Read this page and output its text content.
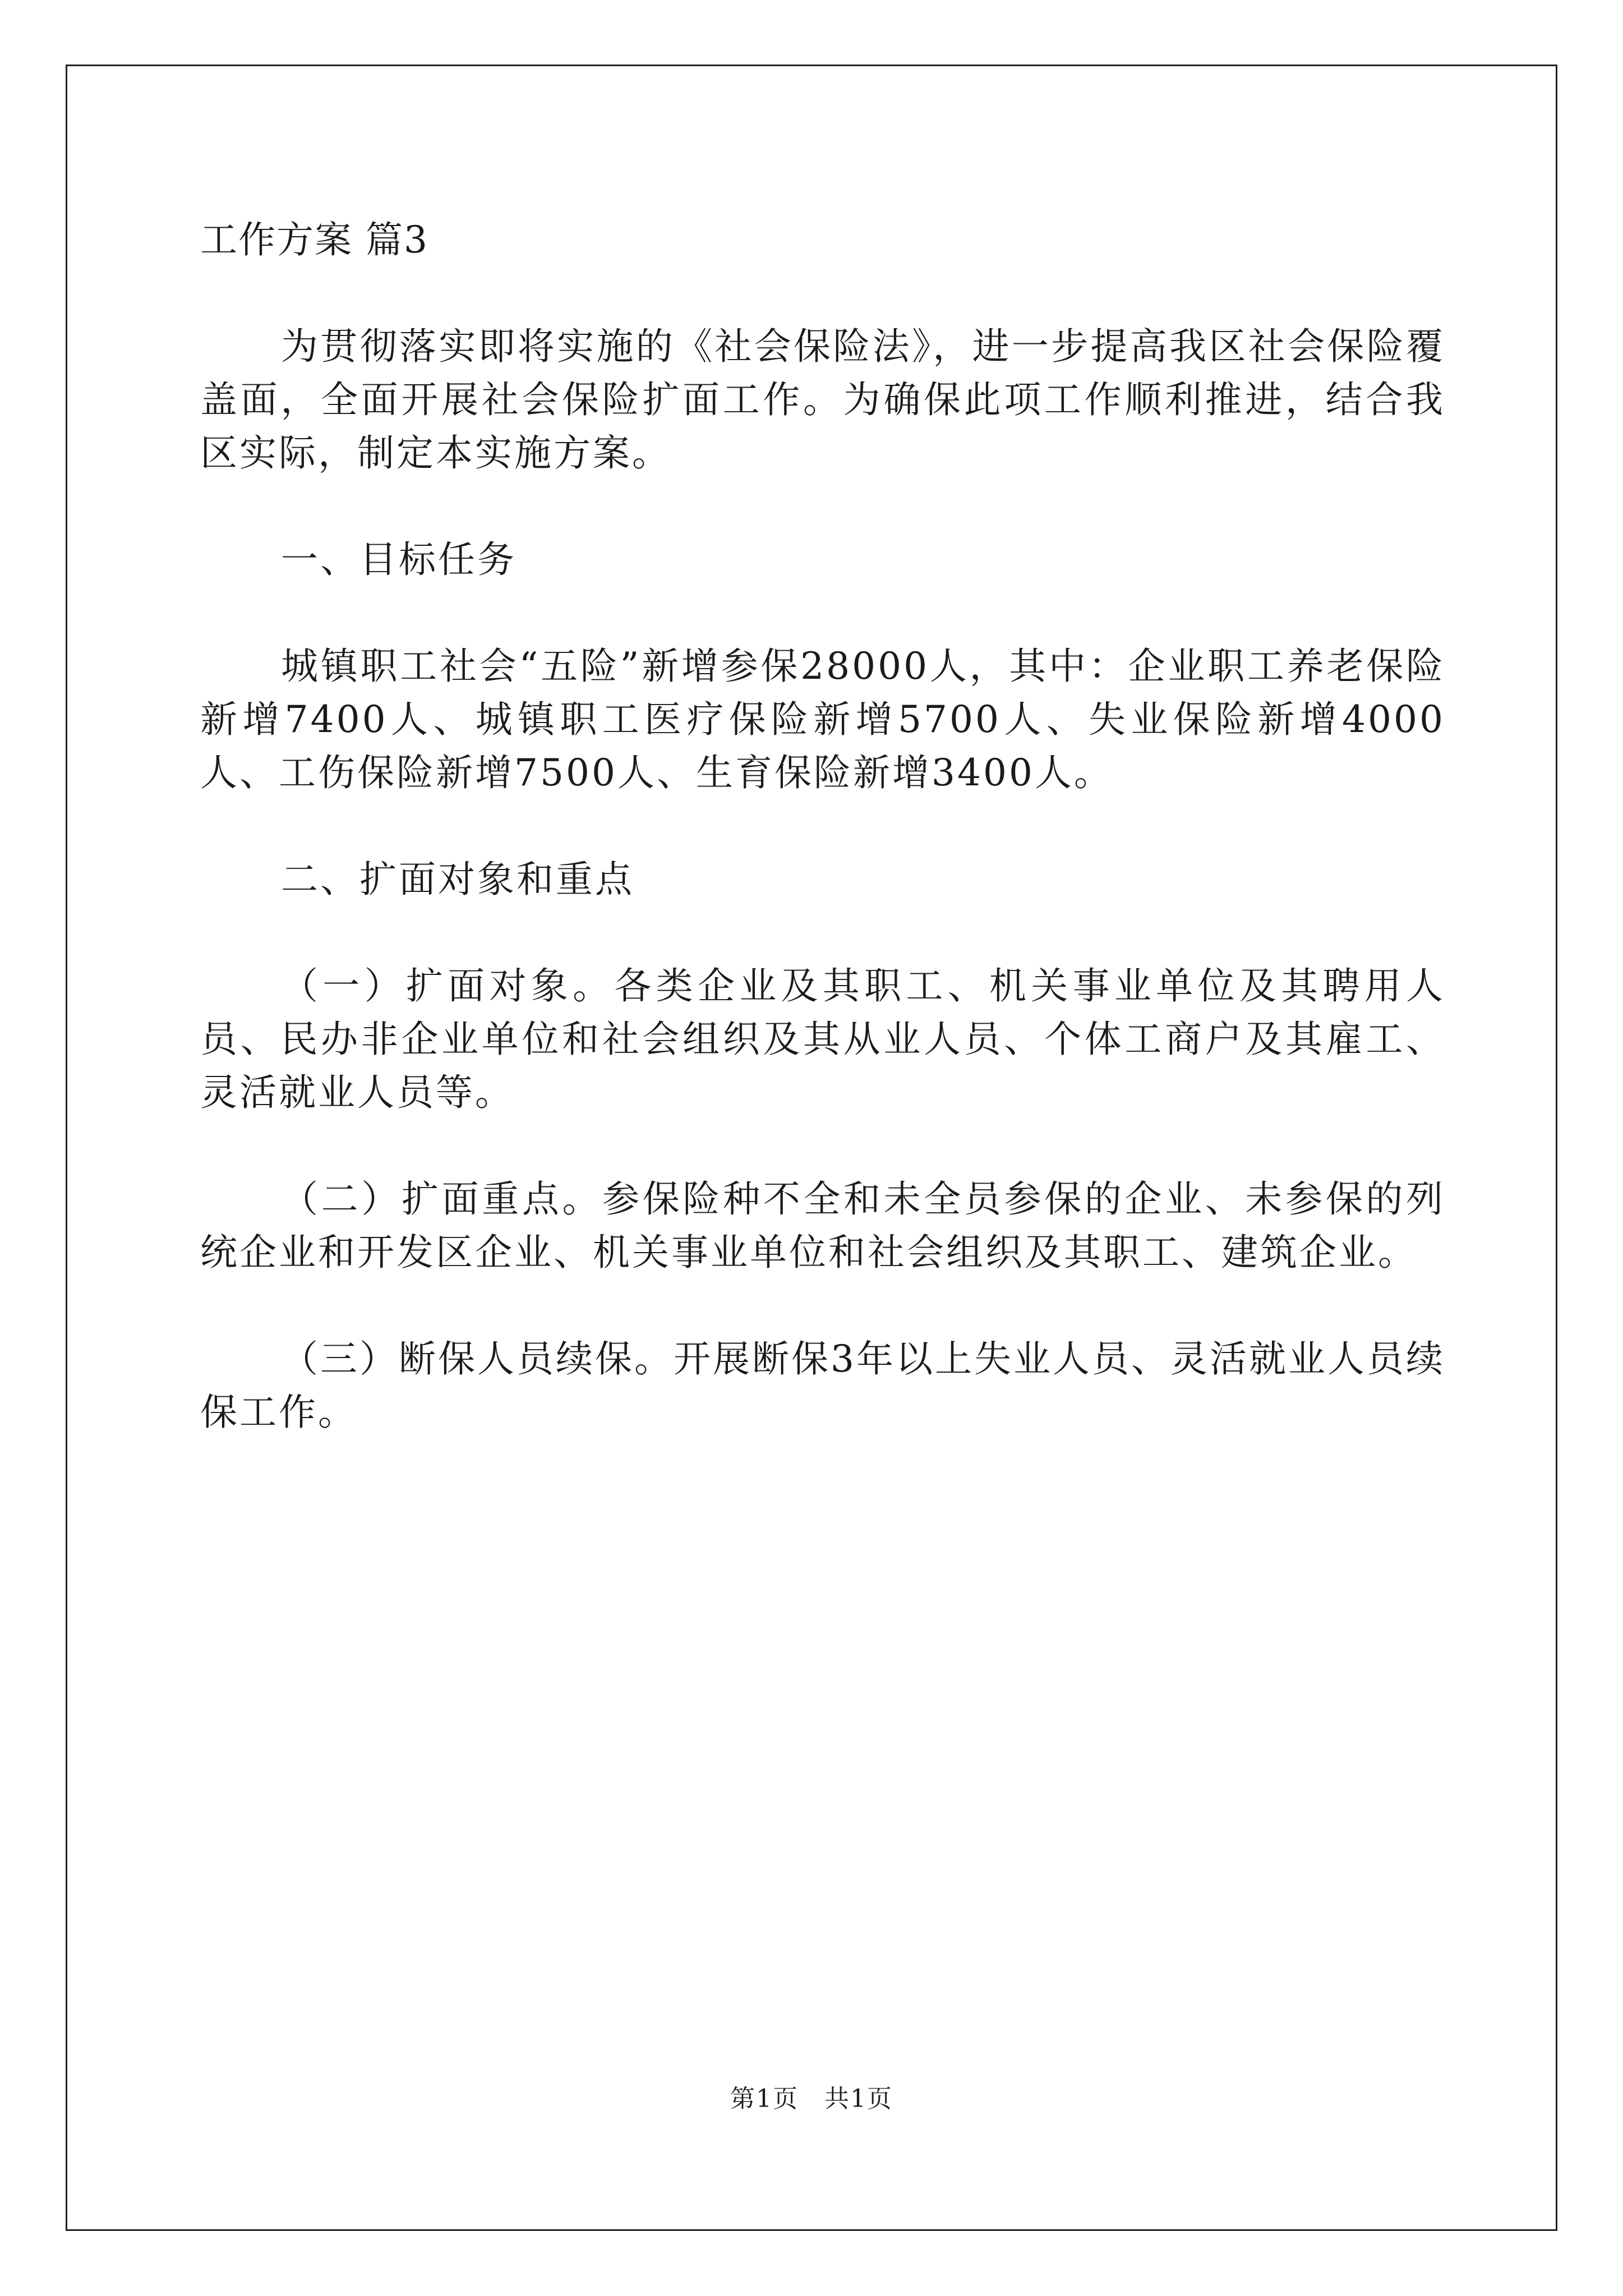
工作方案 篇3
为贯彻落实即将实施的《社会保险法》，进一步提高我区社会保险覆盖面，全面开展社会保险扩面工作。为确保此项工作顺利推进，结合我区实际，制定本实施方案。
一、目标任务
城镇职工社会“五险”新增参保28000人，其中：企业职工养老保险新增7400人、城镇职工医疗保险新增5700人、失业保险新增4000人、工伤保险新增7500人、生育保险新增3400人。
二、扩面对象和重点
（一）扩面对象。各类企业及其职工、机关事业单位及其聘用人员、民办非企业单位和社会组织及其从业人员、个体工商户及其雇工、灵活就业人员等。
（二）扩面重点。参保险种不全和未全员参保的企业、未参保的列统企业和开发区企业、机关事业单位和社会组织及其职工、建筑企业。
（三）断保人员续保。开展断保3年以上失业人员、灵活就业人员续保工作。
第1页　共1页
